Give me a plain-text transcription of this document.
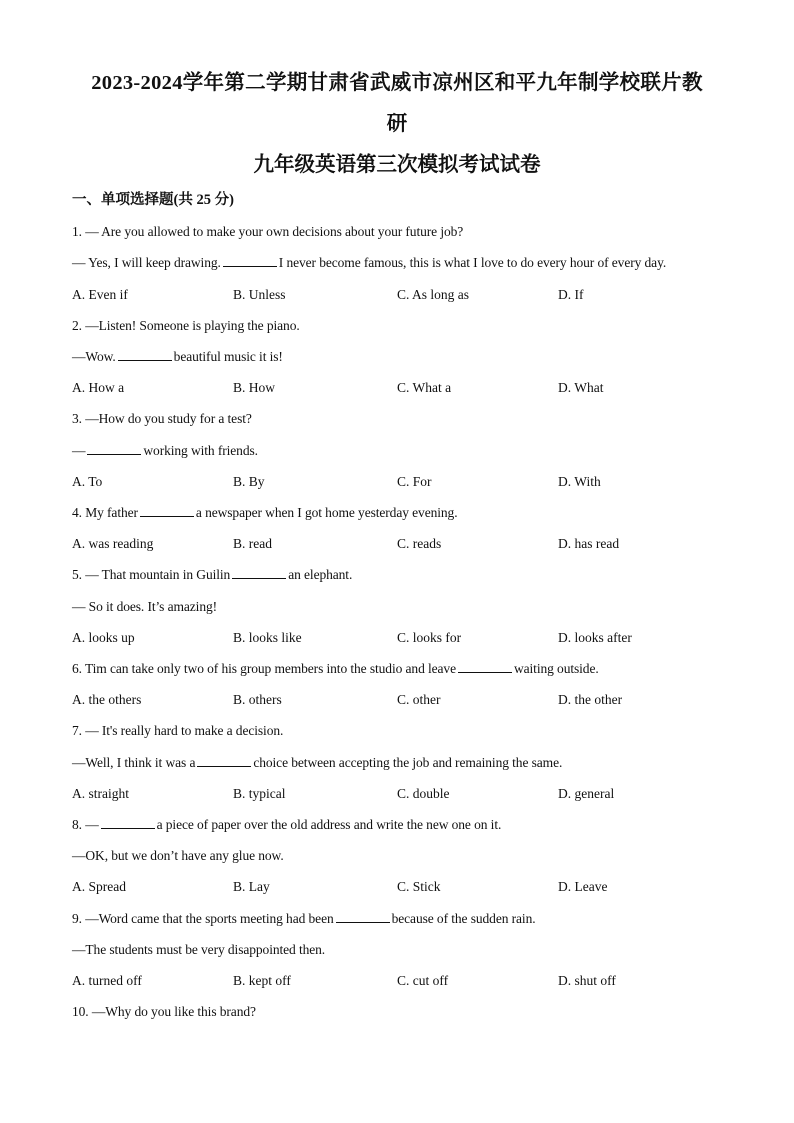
2023-2024学年第二学期甘肃省武威市凉州区和平九年制学校联片教
研
九年级英语第三次模拟考试试卷
一、单项选择题(共 25 分)
1. — Are you allowed to make your own decisions about your future job?
— Yes, I will keep drawing.	I never become famous, this is what I love to do every hour of every day.
A. Even if	B. Unless	C. As long as	D. If
2. —Listen! Someone is playing the piano.
—Wow.	beautiful music it is!
A. How a	B. How	C. What a	D. What
3. —How do you study for a test?
—	working with friends.
A. To	B. By	C. For	D. With
4. My father	a newspaper when I got home yesterday evening.
A. was reading	B. read	C. reads	D. has read
5. — That mountain in Guilin	an elephant.
— So it does. It’s amazing!
A. looks up	B. looks like	C. looks for	D. looks after
6. Tim can take only two of his group members into the studio and leave	waiting outside.
A. the others	B. others	C. other	D. the other
7. — It's really hard to make a decision.
—Well, I think it was a	choice between accepting the job and remaining the same.
A. straight	B. typical	C. double	D. general
8. —	a piece of paper over the old address and write the new one on it.
—OK, but we don’t have any glue now.
A. Spread	B. Lay	C. Stick	D. Leave
9. —Word came that the sports meeting had been	because of the sudden rain.
—The students must be very disappointed then.
A. turned off	B. kept off	C. cut off	D. shut off
10. —Why do you like this brand?
